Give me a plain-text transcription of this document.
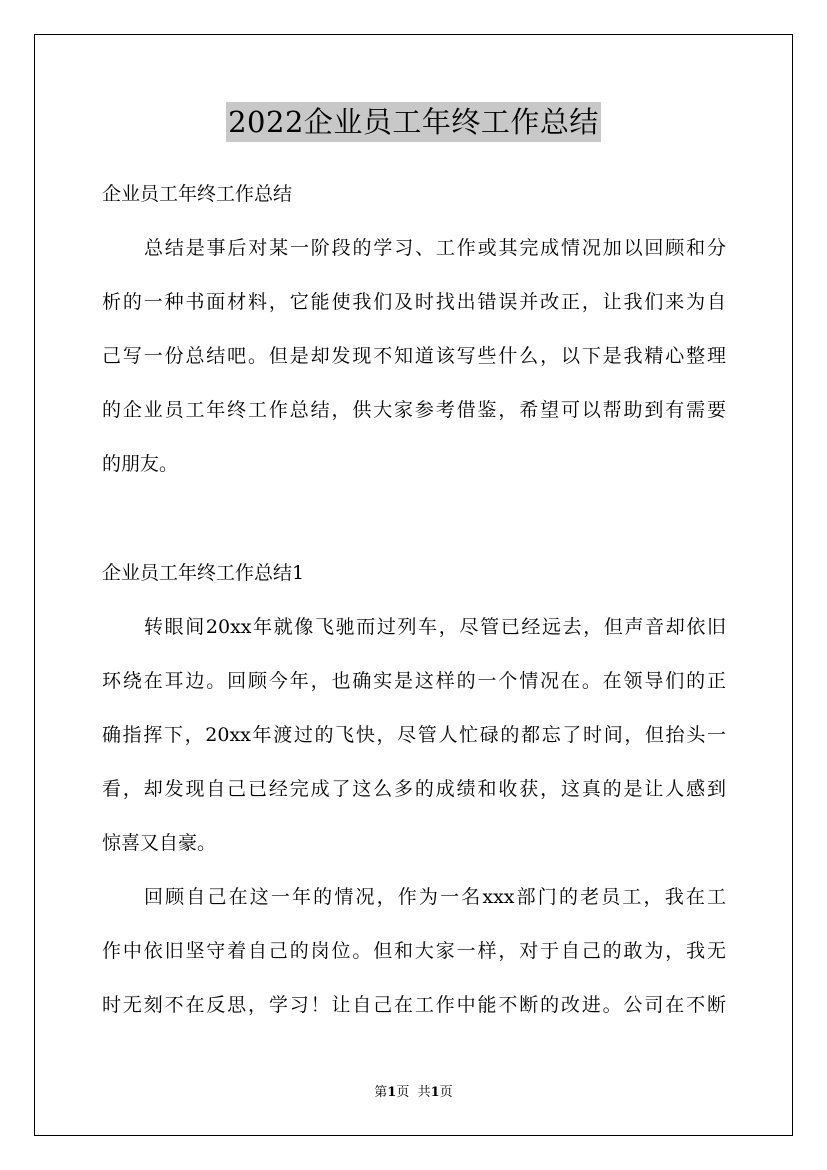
2022企业员工年终工作总结
企业员工年终工作总结
总结是事后对某一阶段的学习、工作或其完成情况加以回顾和分
析的一种书面材料，它能使我们及时找出错误并改正，让我们来为自
己写一份总结吧。但是却发现不知道该写些什么，以下是我精心整理
的企业员工年终工作总结，供大家参考借鉴，希望可以帮助到有需要
的朋友。
企业员工年终工作总结1
转眼间20xx年就像飞驰而过列车，尽管已经远去，但声音却依旧
环绕在耳边。回顾今年，也确实是这样的一个情况在。在领导们的正
确指挥下，20xx年渡过的飞快，尽管人忙碌的都忘了时间，但抬头一
看，却发现自己已经完成了这么多的成绩和收获，这真的是让人感到
惊喜又自豪。
回顾自己在这一年的情况，作为一名xxx部门的老员工，我在工
作中依旧坚守着自己的岗位。但和大家一样，对于自己的敢为，我无
时无刻不在反思，学习！让自己在工作中能不断的改进。公司在不断
第1页 共1页
